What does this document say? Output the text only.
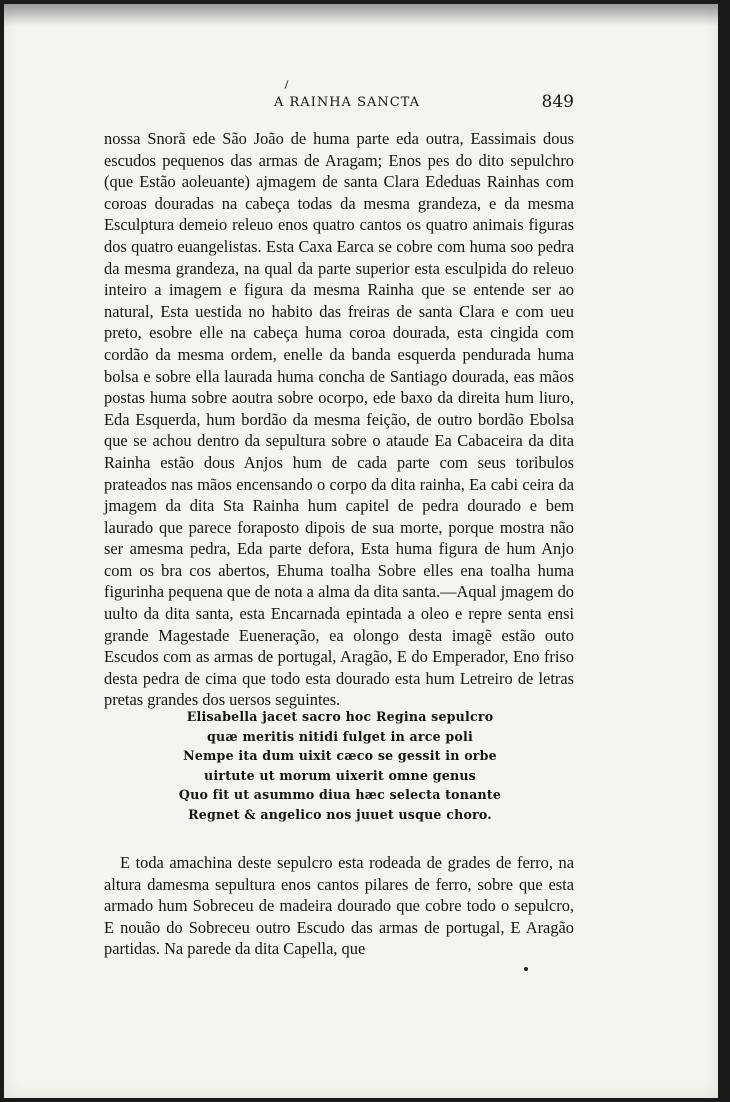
A RAINHA SANCTA	849

nossa Snorã ede São João de huma parte eda outra, Eassimais dous escudos pequenos das armas de Aragam; Enos pes do dito sepulchro (que Estão aoleuante) ajmagem de santa Clara Ededuas Rainhas com coroas douradas na cabeça todas da mesma grandeza, e da mesma Esculptura demeio releuo enos quatro cantos os quatro animais figuras dos quatro euangelistas. Esta Caxa Earca se cobre com huma soo pedra da mesma grandeza, na qual da parte superior esta esculpida do releuo inteiro a imagem e figura da mesma Rainha que se entende ser ao natural, Esta uestida no habito das freiras de santa Clara e com ueu preto, esobre elle na cabeça huma coroa dourada, esta cingida com cordão da mesma ordem, enelle da banda esquerda pendurada huma bolsa e sobre ella laurada huma concha de Santiago dourada, eas mãos postas huma sobre aoutra sobre ocorpo, ede baxo da direita hum liuro, Eda Esquerda, hum bordão da mesma feição, de outro bordão Ebolsa que se achou dentro da sepultura sobre o ataude Ea Cabaceira da dita Rainha estão dous Anjos hum de cada parte com seus toribulos prateados nas mãos encensando o corpo da dita rainha, Ea cabi ceira da jmagem da dita Sta Rainha hum capitel de pedra dourado e bem laurado que parece foraposto dipois de sua morte, porque mostra não ser amesma pedra, Eda parte defora, Esta huma figura de hum Anjo com os bra cos abertos, Ehuma toalha Sobre elles ena toalha huma figurinha pequena que de nota a alma da dita santa.—Aqual jmagem do uulto da dita santa, esta Encarnada epintada a oleo e repre senta ensi grande Magestade Eueneração, ea olongo desta imagẽ estão outo Escudos com as armas de portugal, Aragão, E do Emperador, Eno friso desta pedra de cima que todo esta dourado esta hum Letreiro de letras pretas grandes dos uersos seguintes.

Elisabella jacet sacro hoc Regina sepulcro
quæ meritis nitidi fulget in arce poli
Nempe ita dum uixit cæco se gessit in orbe
uirtute ut morum uixerit omne genus
Quo fit ut asummo diua hæc selecta tonante
Regnet & angelico nos juuet usque choro.

E toda amachina deste sepulcro esta rodeada de grades de ferro, na altura damesma sepultura enos cantos pilares de ferro, sobre que esta armado hum Sobreceu de madeira dourado que cobre todo o sepulcro, E nouão do Sobreceu outro Escudo das armas de portugal, E Aragão partidas. Na parede da dita Capella, que
